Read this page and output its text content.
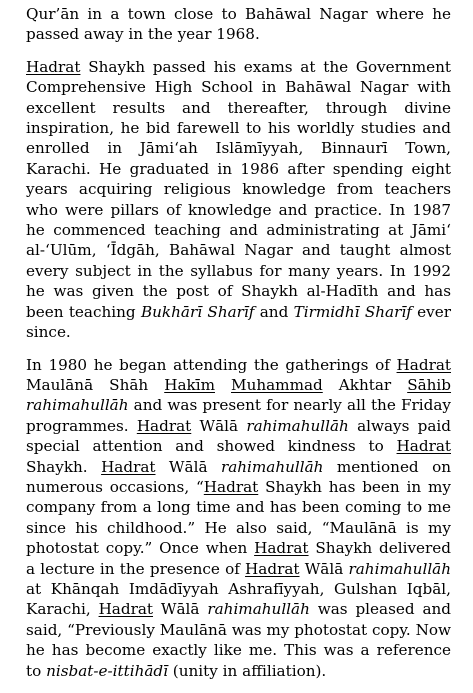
Qur’ān in a town close to Bahāwal Nagar where he passed away in the year 1968.

Hadrat Shaykh passed his exams at the Government Comprehensive High School in Bahāwal Nagar with excellent results and thereafter, through divine inspiration, he bid farewell to his worldly studies and enrolled in Jāmi‘ah Islāmīyyah, Binnaurī Town, Karachi. He graduated in 1986 after spending eight years acquiring religious knowledge from teachers who were pillars of knowledge and practice. In 1987 he commenced teaching and administrating at Jāmi‘ al-‘Ulūm, ‘Īdgāh, Bahāwal Nagar and taught almost every subject in the syllabus for many years. In 1992 he was given the post of Shaykh al-Hadīth and has been teaching Bukhārī Sharīf and Tirmidhī Sharīf ever since.

In 1980 he began attending the gatherings of Hadrat Maulānā Shāh Hakīm Muhammad Akhtar Sāhib rahimahullāh and was present for nearly all the Friday programmes. Hadrat Wālā rahimahullāh always paid special attention and showed kindness to Hadrat Shaykh. Hadrat Wālā rahimahullāh mentioned on numerous occasions, “Hadrat Shaykh has been in my company from a long time and has been coming to me since his childhood.” He also said, “Maulānā is my photostat copy.” Once when Hadrat Shaykh delivered a lecture in the presence of Hadrat Wālā rahimahullāh at Khānqah Imdādīyyah Ashrafīyyah, Gulshan Iqbāl, Karachi, Hadrat Wālā rahimahullāh was pleased and said, “Previously Maulānā was my photostat copy. Now he has become exactly like me. This was a reference to nisbat-e-ittihādī (unity in affiliation).
